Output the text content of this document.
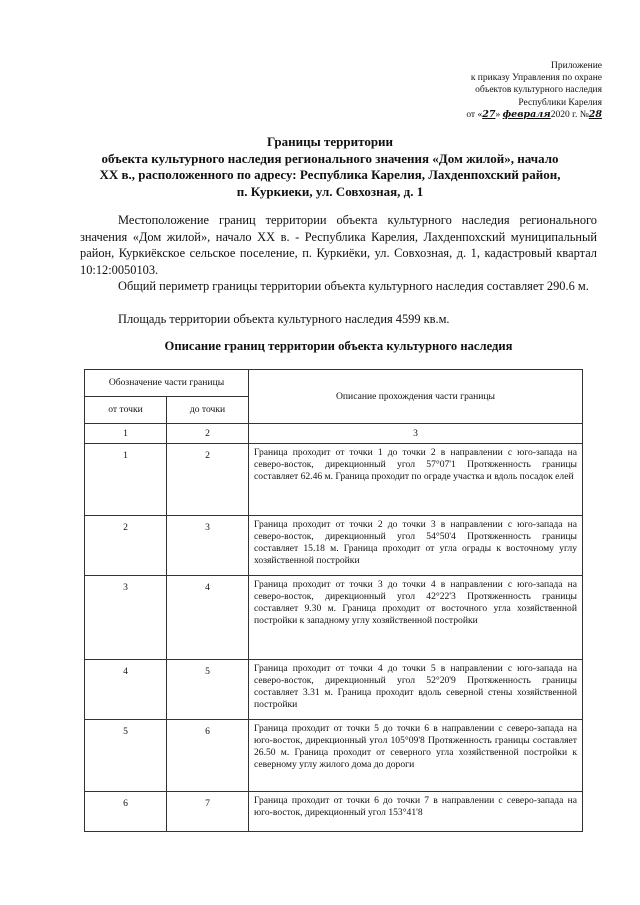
Приложение
к приказу Управления по охране
объектов культурного наследия
Республики Карелия
от «27» февраля2020 г. №28
Границы территории
объекта культурного наследия регионального значения «Дом жилой», начало
XX в., расположенного по адресу: Республика Карелия, Лахденпохский район,
п. Куркиеки, ул. Совхозная, д. 1

Местоположение границ территории объекта культурного наследия регионального значения «Дом жилой», начало XX в. - Республика Карелия, Лахденпохский муниципальный район, Куркиёкское сельское поселение, п. Куркиёки, ул. Совхозная, д. 1, кадастровый квартал 10:12:0050103.

Общий периметр границы территории объекта культурного наследия составляет 290.6 м.

Площадь территории объекта культурного наследия 4599 кв.м.

Описание границ территории объекта культурного наследия
Обозначение части границы		Описание прохождения части границы
от точки	до точки	
1	2	3
1	2	Граница проходит от точки 1 до точки 2 в направлении с юго-запада на северо-восток, дирекционный угол 57°07'1 Протяженность границы составляет 62.46 м. Граница проходит по ограде участка и вдоль посадок елей
2	3	Граница проходит от точки 2 до точки 3 в направлении с юго-запада на северо-восток, дирекционный угол 54°50'4 Протяженность границы составляет 15.18 м. Граница проходит от угла ограды к восточному углу хозяйственной постройки
3	4	Граница проходит от точки 3 до точки 4 в направлении с юго-запада на северо-восток, дирекционный угол 42°22'3 Протяженность границы составляет 9.30 м. Граница проходит от восточного угла хозяйственной постройки к западному углу хозяйственной постройки
4	5	Граница проходит от точки 4 до точки 5 в направлении с юго-запада на северо-восток, дирекционный угол 52°20'9 Протяженность границы составляет 3.31 м. Граница проходит вдоль северной стены хозяйственной постройки
5	6	Граница проходит от точки 5 до точки 6 в направлении с северо-запада на юго-восток, дирекционный угол 105°09'8 Протяженность границы составляет 26.50 м. Граница проходит от северного угла хозяйственной постройки к северному углу жилого дома до дороги
6	7	Граница проходит от точки 6 до точки 7 в направлении с северо-запада на юго-восток, дирекционный угол 153°41'8
